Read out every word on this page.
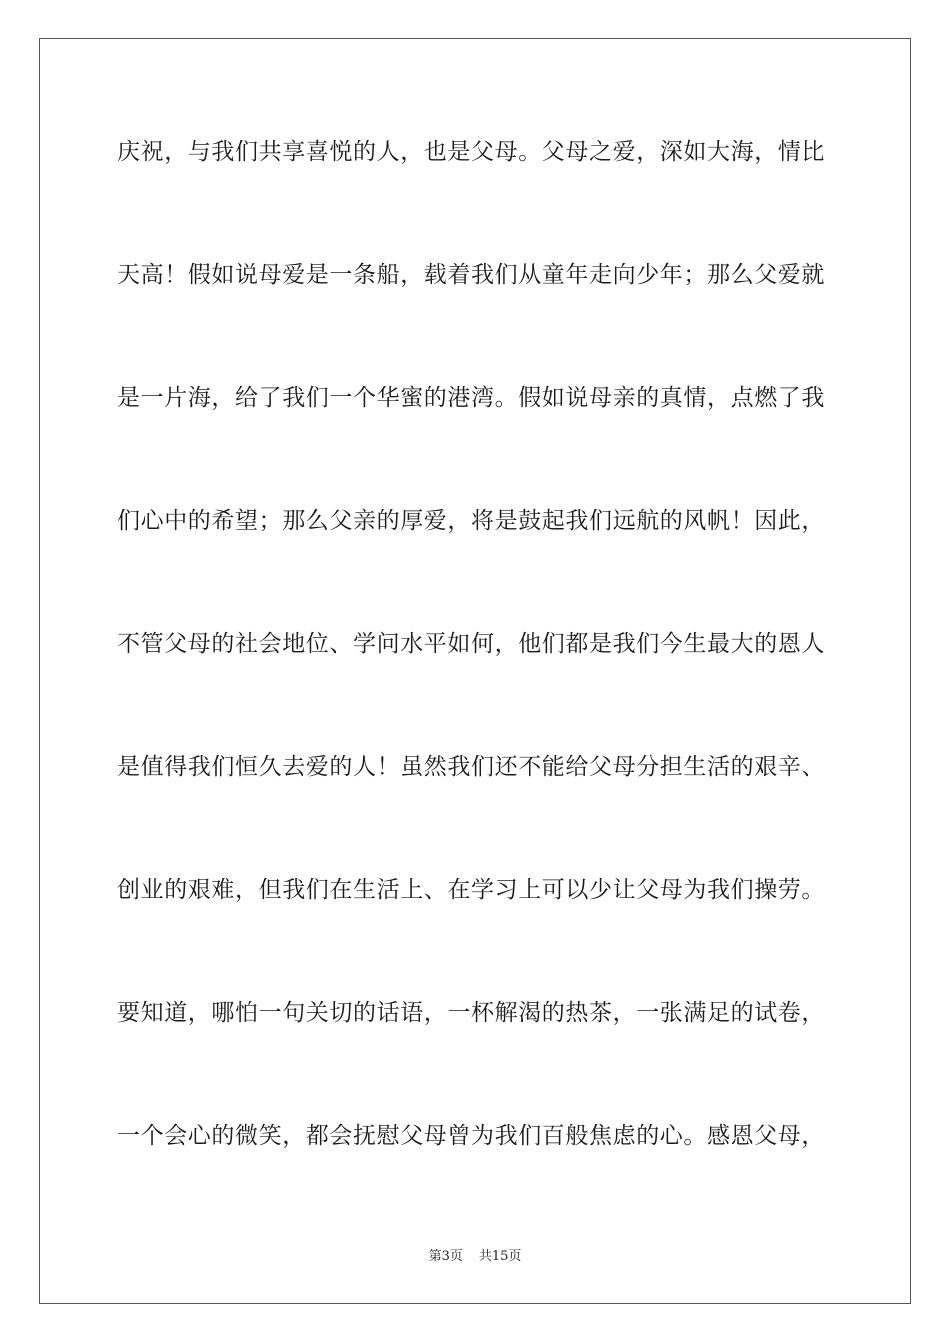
庆祝，与我们共享喜悦的人，也是父母。父母之爱，深如大海，情比
天高！假如说母爱是一条船，载着我们从童年走向少年；那么父爱就
是一片海，给了我们一个华蜜的港湾。假如说母亲的真情，点燃了我
们心中的希望；那么父亲的厚爱，将是鼓起我们远航的风帆！因此，
不管父母的社会地位、学问水平如何，他们都是我们今生最大的恩人
是值得我们恒久去爱的人！虽然我们还不能给父母分担生活的艰辛、
创业的艰难，但我们在生活上、在学习上可以少让父母为我们操劳。
要知道，哪怕一句关切的话语，一杯解渴的热茶，一张满足的试卷，
一个会心的微笑，都会抚慰父母曾为我们百般焦虑的心。感恩父母，
第3页 共15页
